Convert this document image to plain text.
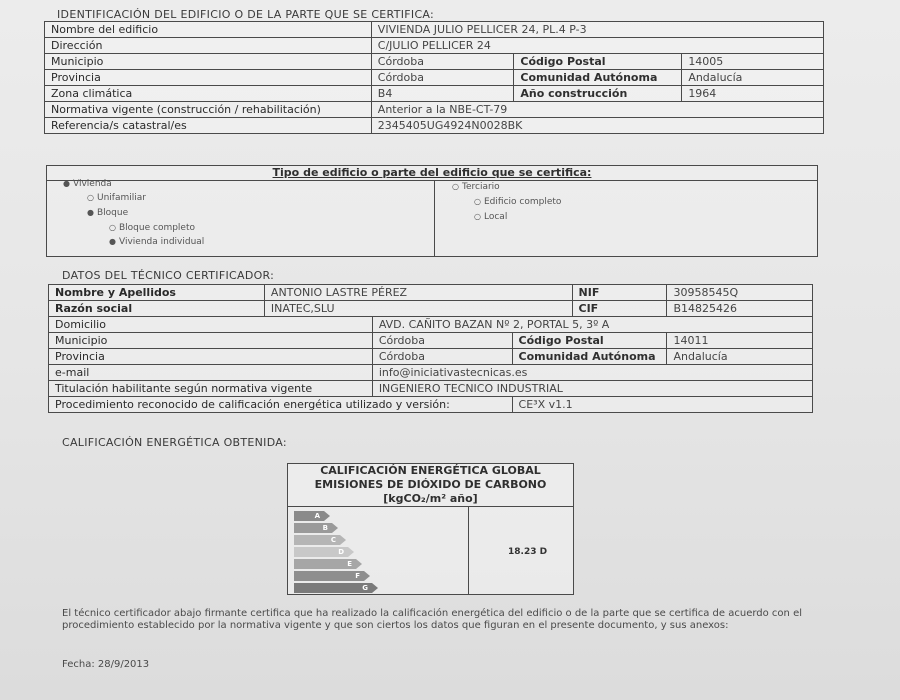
IDENTIFICACIÓN DEL EDIFICIO O DE LA PARTE QUE SE CERTIFICA:
Nombre del edificio	VIVIENDA JULIO PELLICER 24, PL.4 P-3		
Dirección	C/JULIO PELLICER 24		
Municipio	Córdoba	Código Postal	14005
Provincia	Córdoba	Comunidad Autónoma	Andalucía
Zona climática	B4	Año construcción	1964
Normativa vigente (construcción / rehabilitación)	Anterior a la NBE-CT-79		
Referencia/s catastral/es	2345405UG4924N0028BK		
Tipo de edificio o parte del edificio que se certifica:
● Vivienda
○ Unifamiliar
● Bloque
○ Bloque completo
● Vivienda individual
○ Terciario
○ Edificio completo
○ Local
DATOS DEL TÉCNICO CERTIFICADOR:
Nombre y Apellidos	ANTONIO LASTRE PÉREZ			NIF	30958545Q
Razón social	INATEC,SLU			CIF	B14825426
Domicilio		AVD. CAÑITO BAZAN Nº 2, PORTAL 5, 3º A			
Municipio		Córdoba	Código Postal		14011
Provincia		Córdoba	Comunidad Autónoma		Andalucía
e-mail		info@iniciativastecnicas.es			
Titulación habilitante según normativa vigente		INGENIERO TECNICO INDUSTRIAL			
Procedimiento reconocido de calificación energética utilizado y versión:			CE³X v1.1		
CALIFICACIÓN ENERGÉTICA OBTENIDA:
CALIFICACIÓN ENERGÉTICA GLOBAL
EMISIONES DE DIÓXIDO DE CARBONO
[kgCO₂/m² año]
A
B
C
D
E
F
G
18.23 D
El técnico certificador abajo firmante certifica que ha realizado la calificación energética del edificio o de la parte que se certifica de acuerdo con el procedimiento establecido por la normativa vigente y que son ciertos los datos que figuran en el presente documento, y sus anexos:
Fecha: 28/9/2013
